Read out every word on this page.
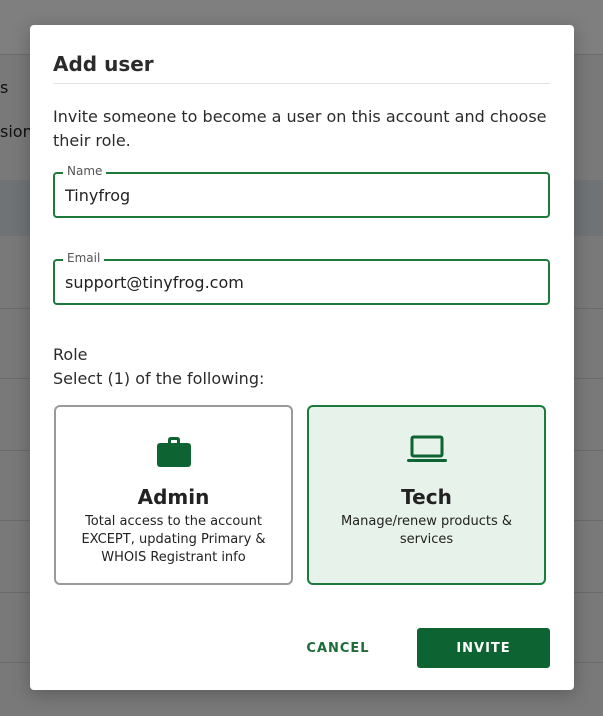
Add user
Invite someone to become a user on this account and choose their role.
Name
Tinyfrog
Email
support@tinyfrog.com
Role
Select (1) of the following:
Admin
Total access to the account EXCEPT, updating Primary & WHOIS Registrant info
Tech
Manage/renew products & services
CANCEL	INVITE
